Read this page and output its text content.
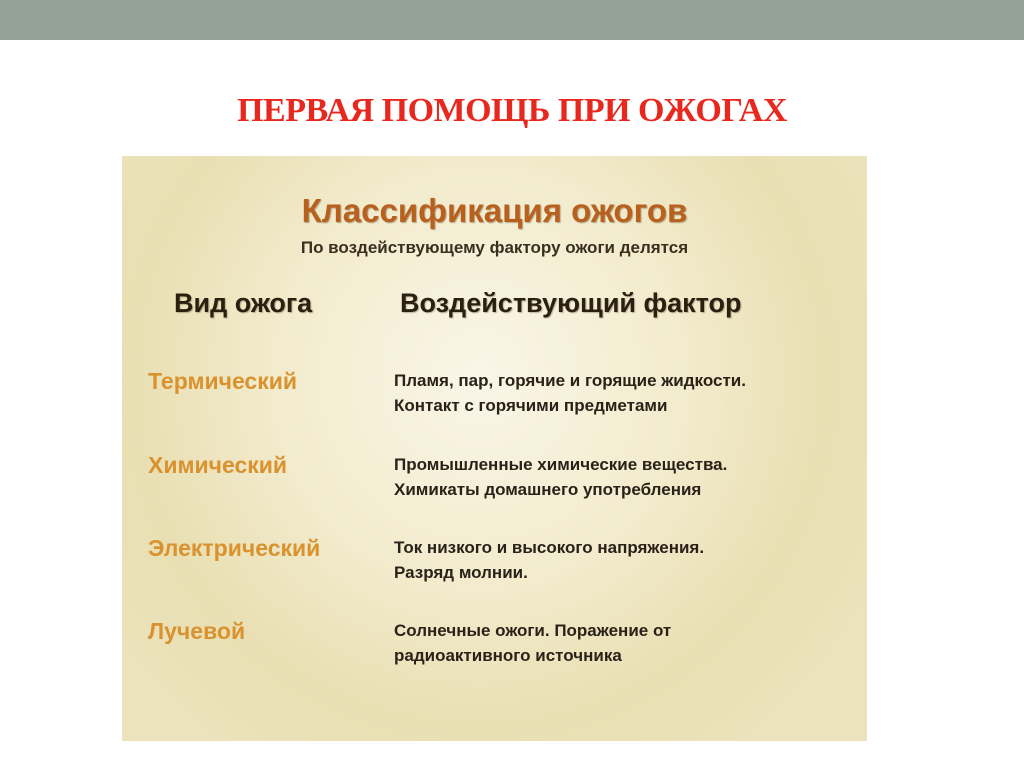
ПЕРВАЯ ПОМОЩЬ ПРИ ОЖОГАХ
Классификация ожогов
По воздействующему фактору ожоги делятся
Вид ожога	Воздействующий фактор
Термический	Пламя, пар, горячие и горящие жидкости.
Контакт с горячими предметами
Химический	Промышленные химические вещества.
Химикаты домашнего употребления
Электрический	Ток низкого и высокого напряжения.
Разряд молнии.
Лучевой	Солнечные ожоги. Поражение от
радиоактивного источника
